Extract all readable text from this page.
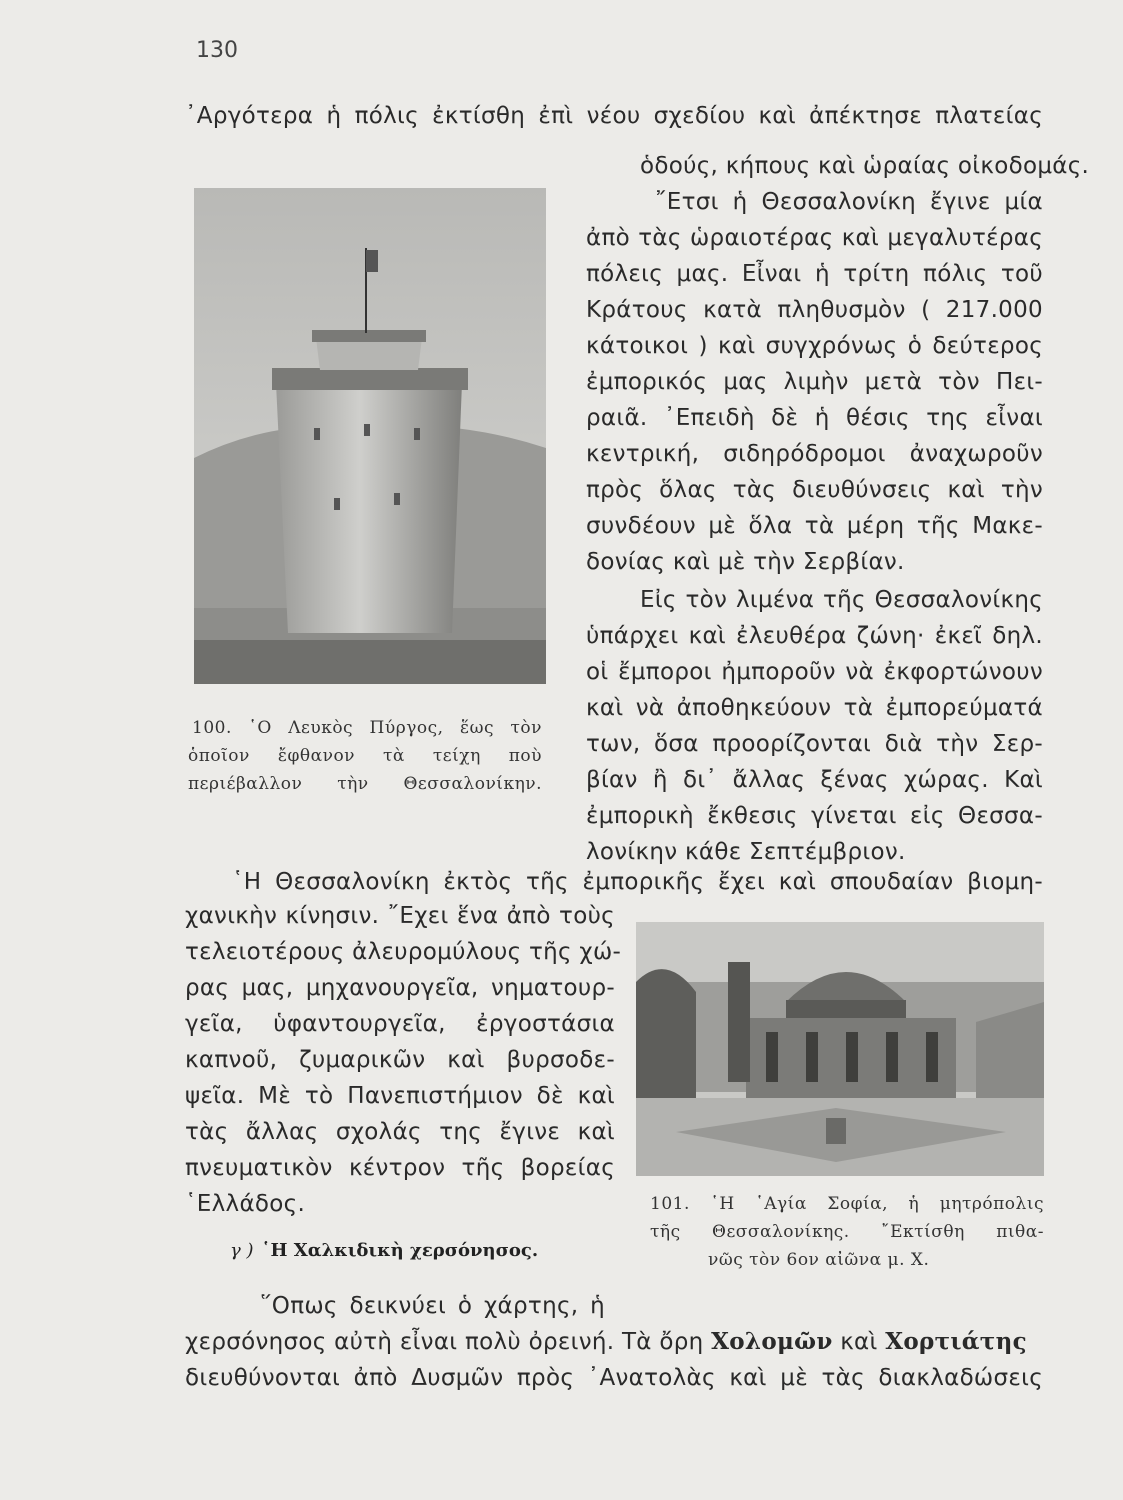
130
᾿Αργότερα ἡ πόλις ἐκτίσθη ἐπὶ νέου σχεδίου καὶ ἀπέκτησε πλατείας
ὁδούς, κήπους καὶ ὡραίας οἰκοδομάς.
100. ῾Ο Λευκὸς Πύργος, ἕως τὸν
ὁποῖον ἔφθανον τὰ τείχη ποὺ
περιέβαλλον τὴν Θεσσαλονίκην.
῎Ετσι ἡ Θεσσαλονίκη ἔγινε μία
ἀπὸ τὰς ὡραιοτέρας καὶ μεγαλυτέρας
πόλεις μας. Εἶναι ἡ τρίτη πόλις τοῦ
Κράτους κατὰ πληθυσμὸν ( 217.000
κάτοικοι ) καὶ συγχρόνως ὁ δεύτερος
ἐμπορικός μας λιμὴν μετὰ τὸν Πει-
ραιᾶ. ᾿Επειδὴ δὲ ἡ θέσις της εἶναι
κεντρική, σιδηρόδρομοι ἀναχωροῦν
πρὸς ὅλας τὰς διευθύνσεις καὶ τὴν
συνδέουν μὲ ὅλα τὰ μέρη τῆς Μακε-
δονίας καὶ μὲ τὴν Σερβίαν.
Εἰς τὸν λιμένα τῆς Θεσσαλονίκης
ὑπάρχει καὶ ἐλευθέρα ζώνη· ἐκεῖ δηλ.
οἱ ἔμποροι ἠμποροῦν νὰ ἐκφορτώνουν
καὶ νὰ ἀποθηκεύουν τὰ ἐμπορεύματά
των, ὅσα προορίζονται διὰ τὴν Σερ-
βίαν ἢ δι᾿ ἄλλας ξένας χώρας. Καὶ
ἐμπορικὴ ἔκθεσις γίνεται εἰς Θεσσα-
λονίκην κάθε Σεπτέμβριον.
῾Η Θεσσαλονίκη ἐκτὸς τῆς ἐμπορικῆς ἔχει καὶ σπουδαίαν βιομη-
χανικὴν κίνησιν. ῎Εχει ἕνα ἀπὸ τοὺς
τελειοτέρους ἀλευρομύλους τῆς χώ-
ρας μας, μηχανουργεῖα, νηματουρ-
γεῖα, ὑφαντουργεῖα, ἐργοστάσια
καπνοῦ, ζυμαρικῶν καὶ βυρσοδε-
ψεῖα. Μὲ τὸ Πανεπιστήμιον δὲ καὶ
τὰς ἄλλας σχολάς της ἔγινε καὶ
πνευματικὸν κέντρον τῆς βορείας
῾Ελλάδος.	101. ῾Η ῾Αγία Σοφία, ἡ μητρόπολις
τῆς Θεσσαλονίκης. ῎Εκτίσθη πιθα-
νῶς τὸν 6ον αἰῶνα μ. Χ.
γ ) ῾Η Χαλκιδικὴ χερσόνησος.
῞Οπως δεικνύει ὁ χάρτης, ἡ
χερσόνησος αὐτὴ εἶναι πολὺ ὀρεινή. Τὰ ὄρη Χολομῶν καὶ Χορτιάτης
διευθύνονται ἀπὸ Δυσμῶν πρὸς ᾿Ανατολὰς καὶ μὲ τὰς διακλαδώσεις
